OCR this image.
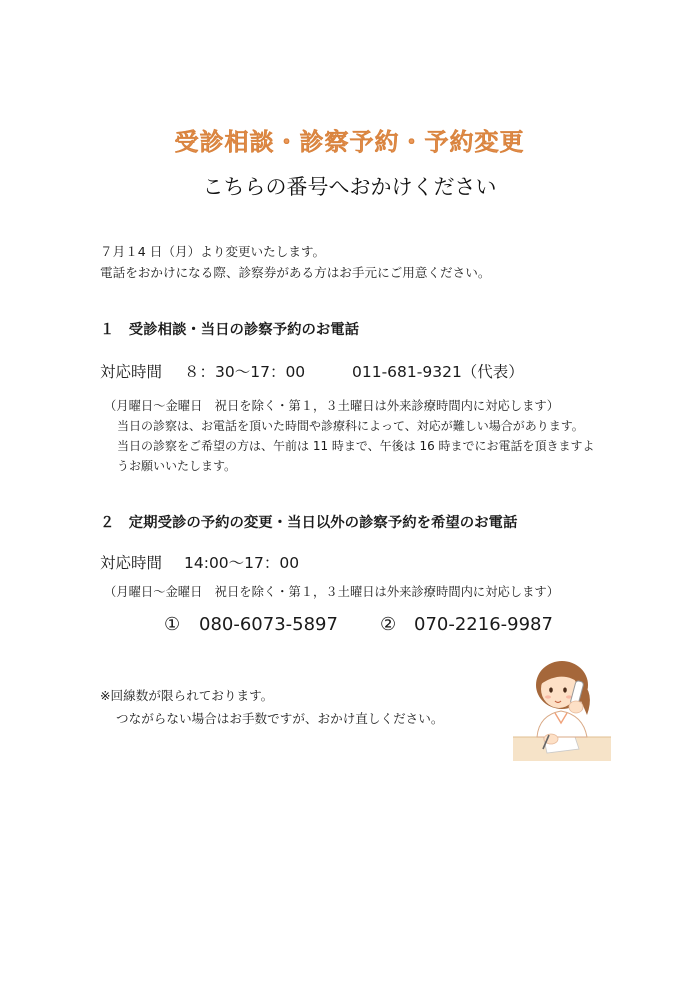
受診相談・診察予約・予約変更
こちらの番号へおかけください
７月１4 日（月）より変更いたします。
電話をおかけになる際、診察券がある方はお手元にご用意ください。
１　受診相談・当日の診察予約のお電話
対応時間 ８：30～17：00	011-681-9321（代表）
（月曜日～金曜日　祝日を除く・第１，３土曜日は外来診療時間内に対応します）
当日の診察は、お電話を頂いた時間や診療科によって、対応が難しい場合があります。
当日の診察をご希望の方は、午前は 11 時まで、午後は 16 時までにお電話を頂きますよ
うお願いいたします。
２　定期受診の予約の変更・当日以外の診察予約を希望のお電話
対応時間 14:00～17：00
（月曜日～金曜日　祝日を除く・第１，３土曜日は外来診療時間内に対応します）
① 080-6073-5897 ② 070-2216-9987
※回線数が限られております。
つながらない場合はお手数ですが、おかけ直しください。
